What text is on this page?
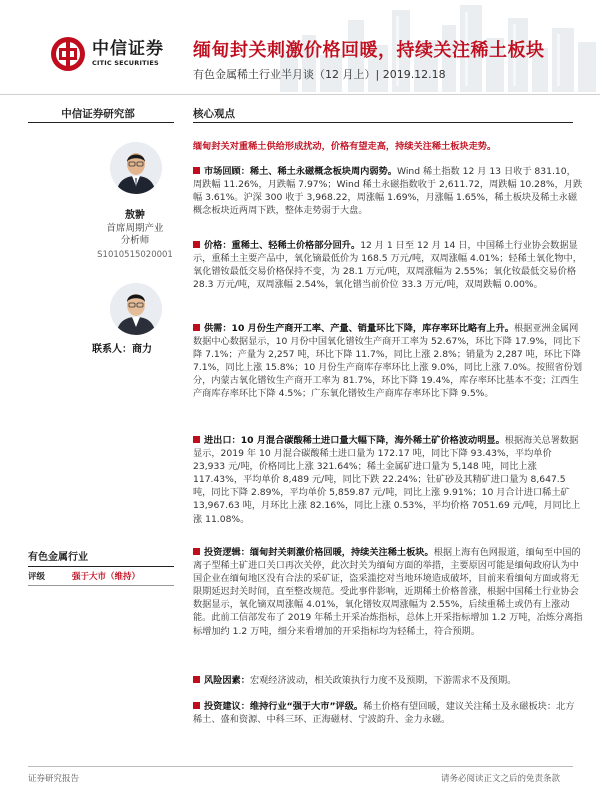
中信证券
CITIC SECURITIES
缅甸封关刺激价格回暖，持续关注稀土板块
有色金属稀土行业半月谈（12 月上）| 2019.12.18
中信证券研究部
敖翀
首席周期产业
分析师
S1010515020001
联系人：商力
有色金属行业
评级	强于大市（维持）
核心观点
缅甸封关对重稀土供给形成扰动，价格有望走高，持续关注稀土板块走势。
市场回顾：稀土、稀土永磁概念板块周内弱势。Wind 稀土指数 12 月 13 日收于 831.10，周跌幅 11.26%，月跌幅 7.97%；Wind 稀土永磁指数收于 2,611.72，周跌幅 10.28%，月跌幅 3.61%。沪深 300 收于 3,968.22，周涨幅 1.69%，月涨幅 1.65%，稀土板块及稀土永磁概念板块近两周下跌，整体走势弱于大盘。
价格：重稀土、轻稀土价格部分回升。12 月 1 日至 12 月 14 日，中国稀土行业协会数据显示，重稀土主要产品中，氧化镝最低价为 168.5 万元/吨，双周涨幅 4.01%；轻稀土氧化物中，氧化镨钕最低交易价格保持不变，为 28.1 万元/吨，双周涨幅为 2.55%；氧化钕最低交易价格 28.3 万元/吨，双周涨幅 2.54%，氧化镨当前价位 33.3 万元/吨，双周跌幅 0.00%。
供需：10 月份生产商开工率、产量、销量环比下降，库存率环比略有上升。根据亚洲金属网数据中心数据显示，10 月份中国氧化镨钕生产商开工率为 52.67%，环比下降 17.9%，同比下降 7.1%；产量为 2,257 吨，环比下降 11.7%，同比上涨 2.8%；销量为 2,287 吨，环比下降 7.1%，同比上涨 15.8%；10 月份生产商库存率环比上涨 9.0%，同比上涨 7.0%。按照省份划分，内蒙古氧化镨钕生产商开工率为 81.7%，环比下降 19.4%，库存率环比基本不变；江西生产商库存率环比下降 4.5%；广东氧化镨钕生产商库存率环比下降 9.5%。
进出口：10 月混合碳酸稀土进口量大幅下降，海外稀土矿价格波动明显。根据海关总署数据显示，2019 年 10 月混合碳酸稀土进口量为 172.17 吨，同比下降 93.43%，平均单价 23,933 元/吨，价格同比上涨 321.64%；稀土金属矿进口量为 5,148 吨，同比上涨 117.43%，平均单价 8,489 元/吨，同比下跌 22.24%；钍矿砂及其精矿进口量为 8,647.5 吨，同比下降 2.89%，平均单价 5,859.87 元/吨，同比上涨 9.91%；10 月合计进口稀土矿 13,967.63 吨，月环比上涨 82.16%，同比上涨 0.53%，平均价格 7051.69 元/吨，月同比上涨 11.08%。
投资逻辑：缅甸封关刺激价格回暖，持续关注稀土板块。根据上海有色网报道，缅甸至中国的离子型稀土矿进口关口再次关停，此次封关为缅甸方面的举措，主要原因可能是缅甸政府认为中国企业在缅甸地区没有合法的采矿证，盗采滥挖对当地环境造成破坏，目前来看缅甸方面或将无限期延迟封关时间，直至整改规范。受此事件影响，近期稀土价格普涨，根据中国稀土行业协会数据显示，氧化镝双周涨幅 4.01%，氧化镨钕双周涨幅为 2.55%，后续重稀土或仍有上涨动能。此前工信部发布了 2019 年稀土开采冶炼指标，总体上开采指标增加 1.2 万吨，冶炼分离指标增加约 1.2 万吨，细分来看增加的开采指标均为轻稀土，符合预期。
风险因素：宏观经济波动，相关政策执行力度不及预期，下游需求不及预期。
投资建议：维持行业“强于大市”评级。稀土价格有望回暖，建议关注稀土及永磁板块：北方稀土、盛和资源、中科三环、正海磁材、宁波韵升、金力永磁。
证券研究报告	请务必阅读正文之后的免责条款
